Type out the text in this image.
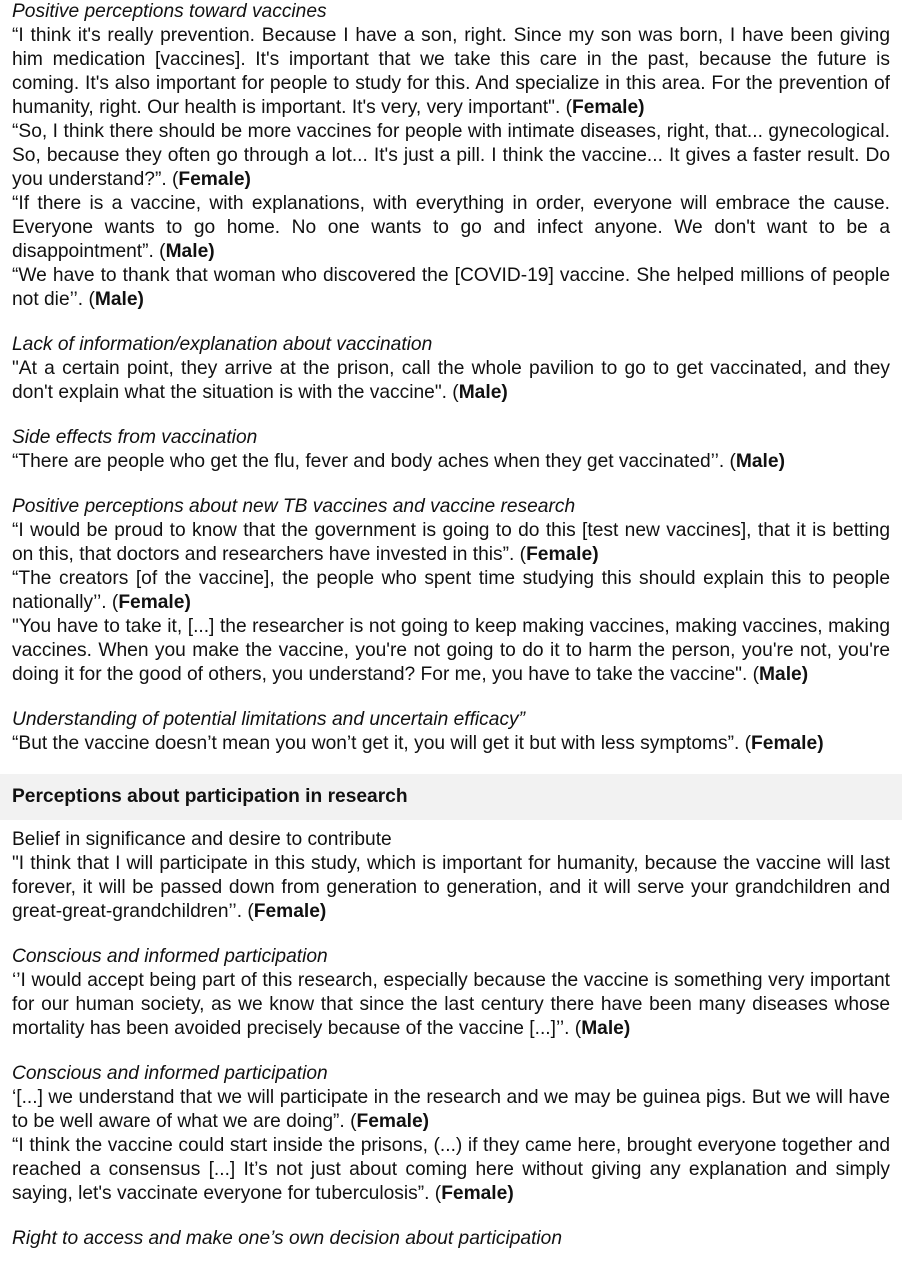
Positive perceptions toward vaccines

“I think it's really prevention. Because I have a son, right. Since my son was born, I have been giving him medication [vaccines]. It's important that we take this care in the past, because the future is coming. It's also important for people to study for this. And specialize in this area. For the prevention of humanity, right. Our health is important. It's very, very important". (Female)

“So, I think there should be more vaccines for people with intimate diseases, right, that... gynecological. So, because they often go through a lot... It's just a pill. I think the vaccine... It gives a faster result. Do you understand?”. (Female)

“If there is a vaccine, with explanations, with everything in order, everyone will embrace the cause. Everyone wants to go home. No one wants to go and infect anyone. We don't want to be a disappointment”. (Male)

“We have to thank that woman who discovered the [COVID-19] vaccine. She helped millions of people not die’’. (Male)

Lack of information/explanation about vaccination

"At a certain point, they arrive at the prison, call the whole pavilion to go to get vaccinated, and they don't explain what the situation is with the vaccine". (Male)

Side effects from vaccination

“There are people who get the flu, fever and body aches when they get vaccinated’’. (Male)

Positive perceptions about new TB vaccines and vaccine research

“I would be proud to know that the government is going to do this [test new vaccines], that it is betting on this, that doctors and researchers have invested in this”. (Female)

“The creators [of the vaccine], the people who spent time studying this should explain this to people nationally’’. (Female)

"You have to take it, [...] the researcher is not going to keep making vaccines, making vaccines, making vaccines. When you make the vaccine, you're not going to do it to harm the person, you're not, you're doing it for the good of others, you understand? For me, you have to take the vaccine". (Male)

Understanding of potential limitations and uncertain efficacy”

“But the vaccine doesn’t mean you won’t get it, you will get it but with less symptoms”. (Female)

Perceptions about participation in research

Belief in significance and desire to contribute

"I think that I will participate in this study, which is important for humanity, because the vaccine will last forever, it will be passed down from generation to generation, and it will serve your grandchildren and great-great-grandchildren’’. (Female)

Conscious and informed participation

‘’I would accept being part of this research, especially because the vaccine is something very important for our human society, as we know that since the last century there have been many diseases whose mortality has been avoided precisely because of the vaccine [...]’’. (Male)

Conscious and informed participation

‘[...] we understand that we will participate in the research and we may be guinea pigs. But we will have to be well aware of what we are doing”. (Female)

“I think the vaccine could start inside the prisons, (...) if they came here, brought everyone together and reached a consensus [...] It’s not just about coming here without giving any explanation and simply saying, let's vaccinate everyone for tuberculosis”. (Female)

Right to access and make one’s own decision about participation
